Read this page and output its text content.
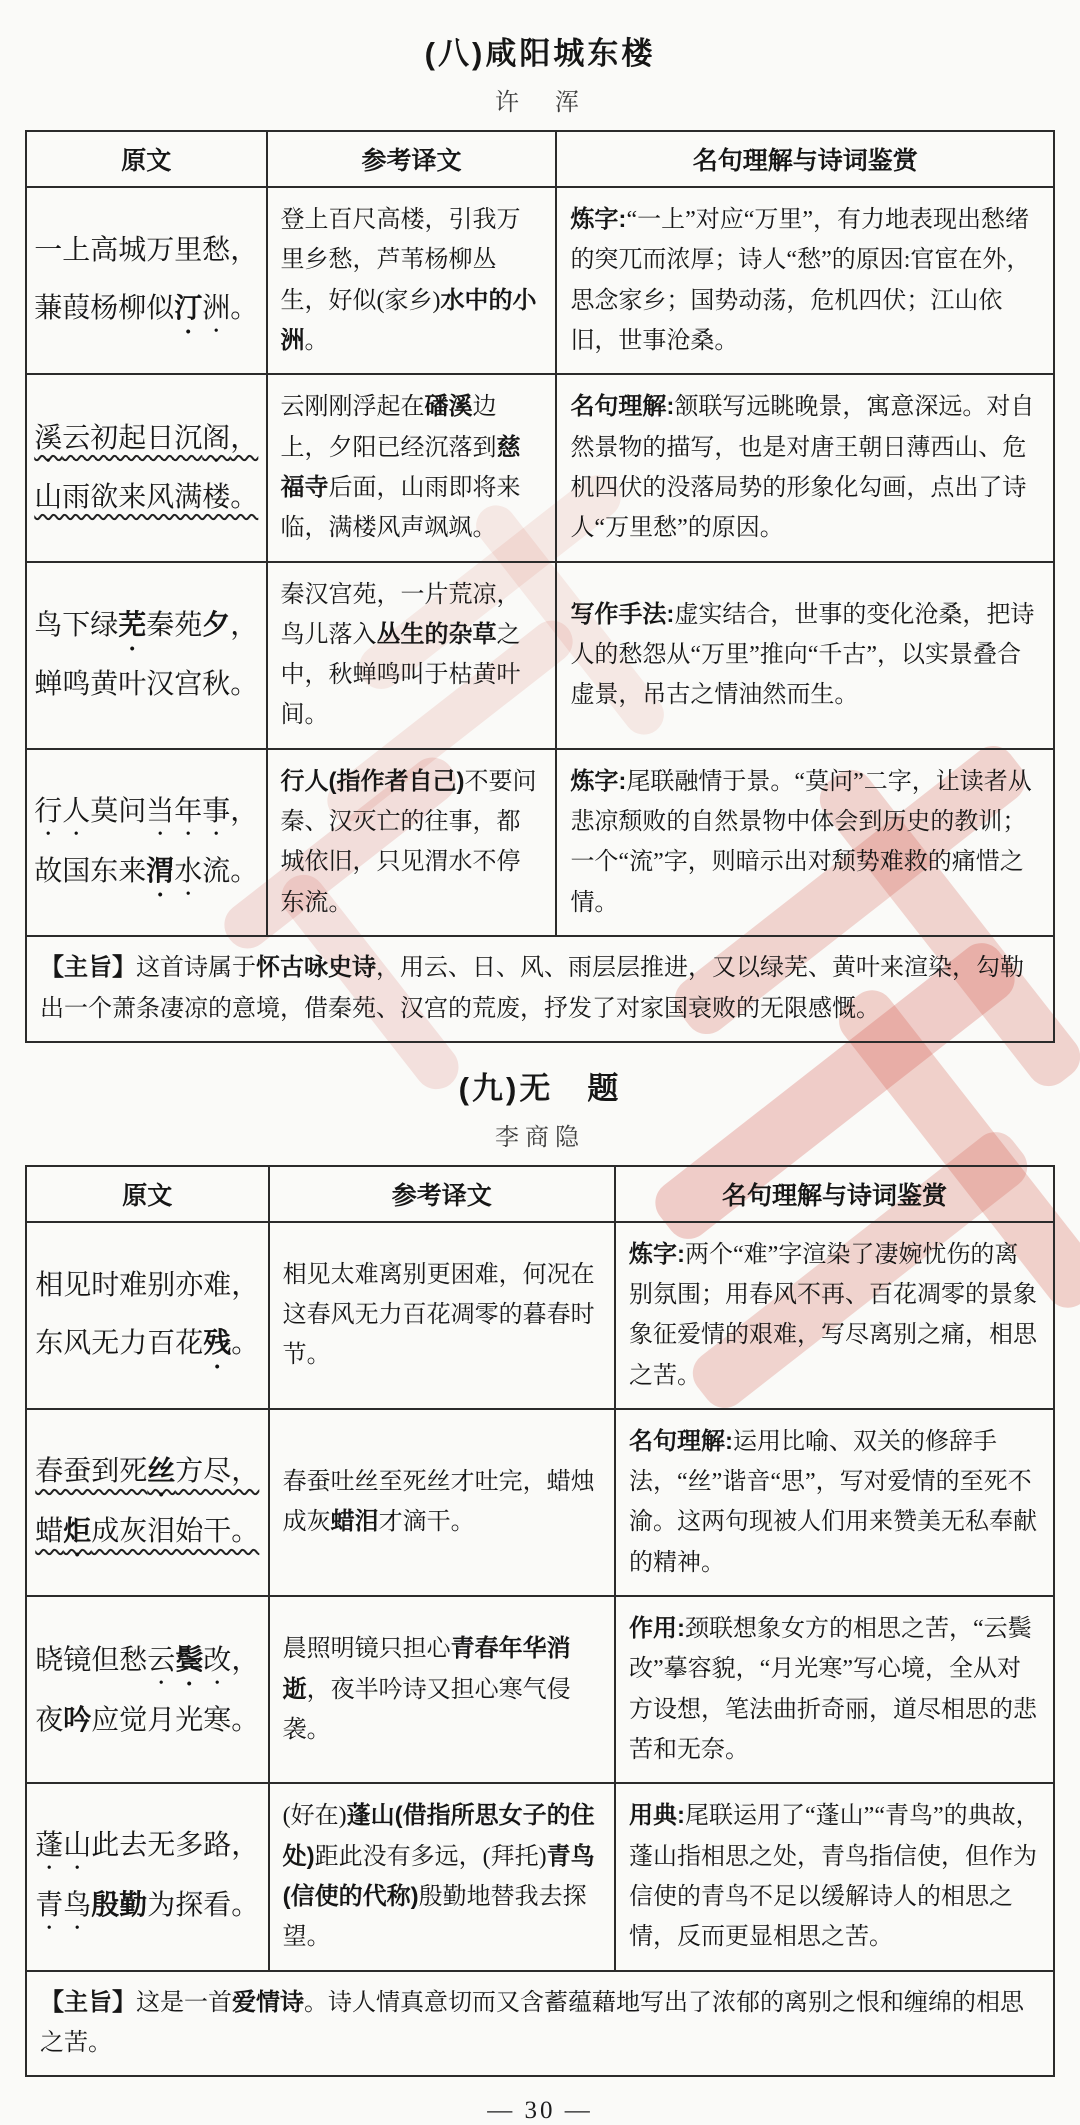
(八)咸阳城东楼
许　浑
原文	参考译文	名句理解与诗词鉴赏

一上高城万里愁，
蒹葭杨柳似汀洲。	登上百尺高楼，引我万里乡愁，芦苇杨柳丛生，好似(家乡)水中的小洲。	炼字:“一上”对应“万里”，有力地表现出愁绪的突兀而浓厚；诗人“愁”的原因:官宦在外，思念家乡；国势动荡，危机四伏；江山依旧，世事沧桑。

溪云初起日沉阁，
山雨欲来风满楼。	云刚刚浮起在磻溪边上，夕阳已经沉落到慈福寺后面，山雨即将来临，满楼风声飒飒。	名句理解:颔联写远眺晚景，寓意深远。对自然景物的描写，也是对唐王朝日薄西山、危机四伏的没落局势的形象化勾画，点出了诗人“万里愁”的原因。

鸟下绿芜秦苑夕，
蝉鸣黄叶汉宫秋。	秦汉宫苑，一片荒凉，鸟儿落入丛生的杂草之中，秋蝉鸣叫于枯黄叶间。	写作手法:虚实结合，世事的变化沧桑，把诗人的愁怨从“万里”推向“千古”，以实景叠合虚景，吊古之情油然而生。

行人莫问当年事，
故国东来渭水流。	行人(指作者自己)不要问秦、汉灭亡的往事，都城依旧，只见渭水不停东流。	炼字:尾联融情于景。“莫问”二字，让读者从悲凉颓败的自然景物中体会到历史的教训；一个“流”字，则暗示出对颓势难救的痛惜之情。
【主旨】这首诗属于怀古咏史诗，用云、日、风、雨层层推进，又以绿芜、黄叶来渲染，勾勒出一个萧条凄凉的意境，借秦苑、汉宫的荒废，抒发了对家国衰败的无限感慨。		
(九)无　题
李商隐
原文	参考译文	名句理解与诗词鉴赏

相见时难别亦难，
东风无力百花残。	相见太难离别更困难，何况在这春风无力百花凋零的暮春时节。	炼字:两个“难”字渲染了凄婉忧伤的离别氛围；用春风不再、百花凋零的景象象征爱情的艰难，写尽离别之痛，相思之苦。

春蚕到死丝方尽，
蜡炬成灰泪始干。	春蚕吐丝至死丝才吐完，蜡烛成灰蜡泪才滴干。	名句理解:运用比喻、双关的修辞手法，“丝”谐音“思”，写对爱情的至死不渝。这两句现被人们用来赞美无私奉献的精神。

晓镜但愁云鬓改，
夜吟应觉月光寒。	晨照明镜只担心青春年华消逝，夜半吟诗又担心寒气侵袭。	作用:颈联想象女方的相思之苦，“云鬓改”摹容貌，“月光寒”写心境，全从对方设想，笔法曲折奇丽，道尽相思的悲苦和无奈。

蓬山此去无多路，
青鸟殷勤为探看。	(好在)蓬山(借指所思女子的住处)距此没有多远，(拜托)青鸟(信使的代称)殷勤地替我去探望。	用典:尾联运用了“蓬山”“青鸟”的典故，蓬山指相思之处，青鸟指信使，但作为信使的青鸟不足以缓解诗人的相思之情，反而更显相思之苦。
【主旨】这是一首爱情诗。诗人情真意切而又含蓄蕴藉地写出了浓郁的离别之恨和缠绵的相思之苦。		
— 30 —
